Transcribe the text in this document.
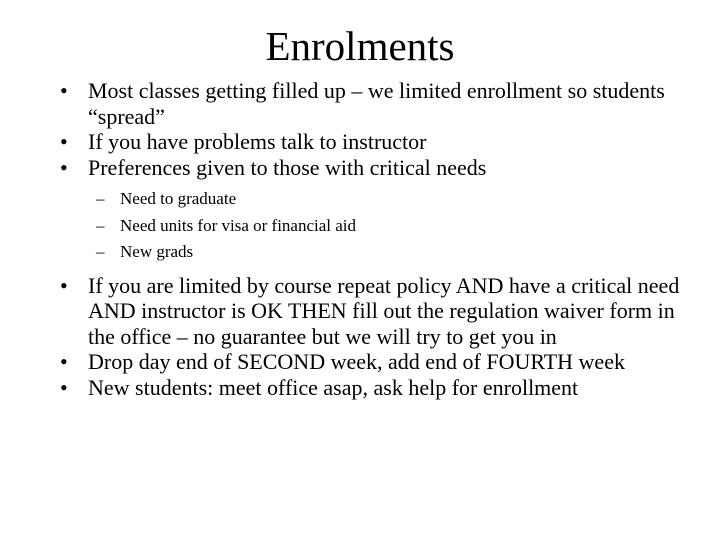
Enrolments
• Most classes getting filled up – we limited enrollment so students “spread”
• If you have problems talk to instructor
• Preferences given to those with critical needs
– Need to graduate
– Need units for visa or financial aid
– New grads
• If you are limited by course repeat policy AND have a critical need AND instructor is OK THEN fill out the regulation waiver form in the office – no guarantee but we will try to get you in
• Drop day end of SECOND week, add end of FOURTH week
• New students: meet office asap, ask help for enrollment
